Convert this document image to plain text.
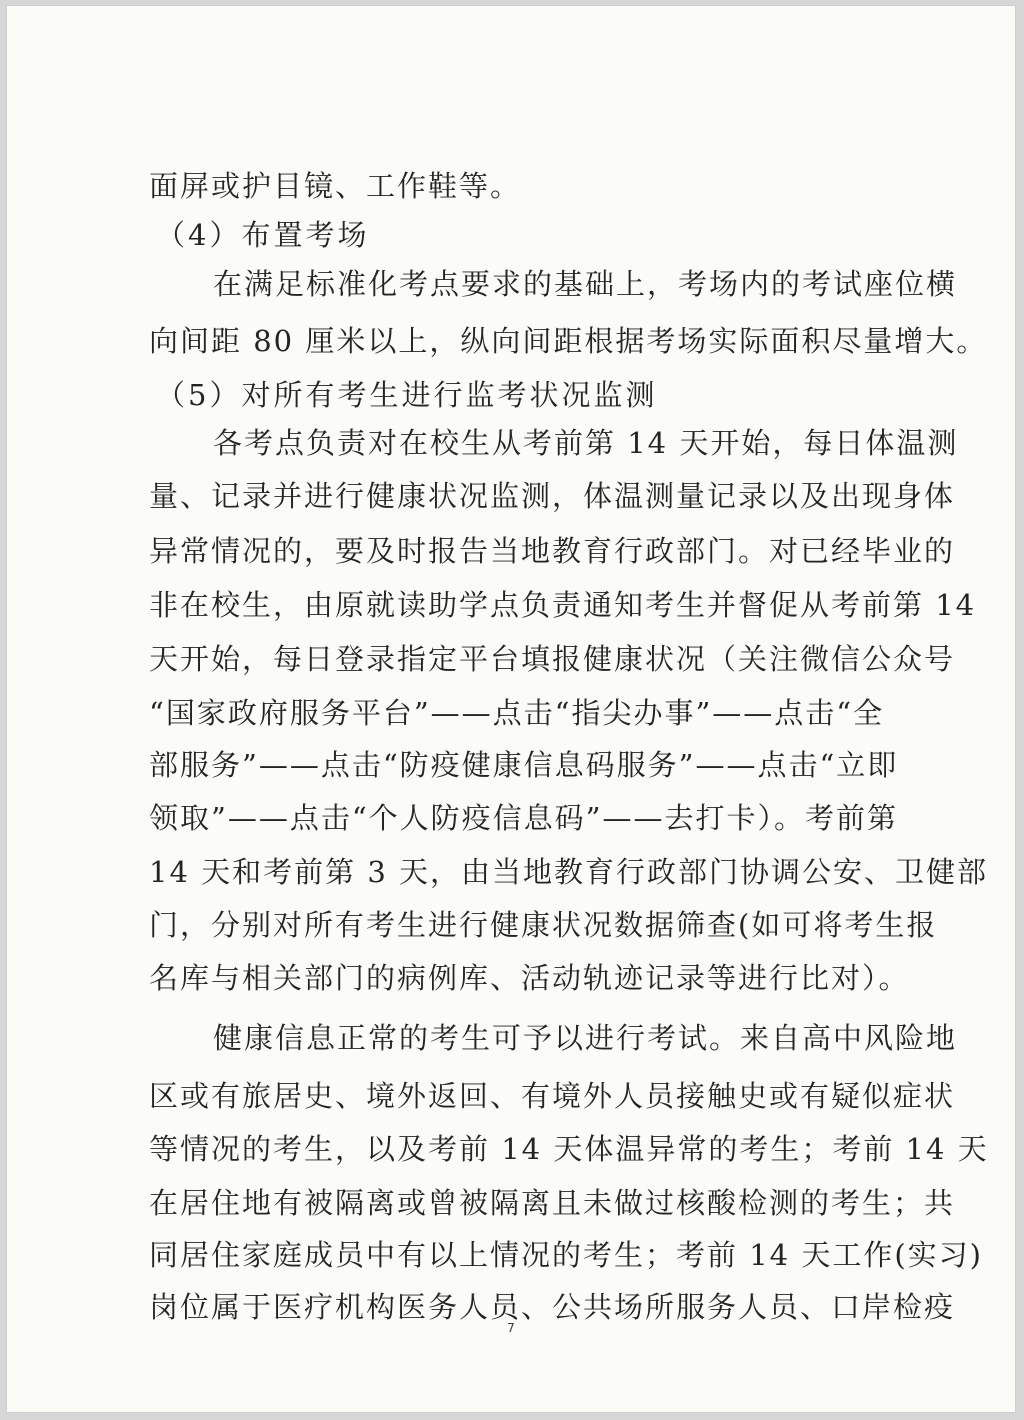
面屏或护目镜、工作鞋等。
（4）布置考场
在满足标准化考点要求的基础上，考场内的考试座位横
向间距 80 厘米以上，纵向间距根据考场实际面积尽量增大。
（5）对所有考生进行监考状况监测
各考点负责对在校生从考前第 14 天开始，每日体温测
量、记录并进行健康状况监测，体温测量记录以及出现身体
异常情况的，要及时报告当地教育行政部门。对已经毕业的
非在校生，由原就读助学点负责通知考生并督促从考前第 14
天开始，每日登录指定平台填报健康状况（关注微信公众号
“国家政府服务平台”——点击“指尖办事”——点击“全
部服务”——点击“防疫健康信息码服务”——点击“立即
领取”——点击“个人防疫信息码”——去打卡）。考前第
14 天和考前第 3 天，由当地教育行政部门协调公安、卫健部
门，分别对所有考生进行健康状况数据筛查(如可将考生报
名库与相关部门的病例库、活动轨迹记录等进行比对）。
健康信息正常的考生可予以进行考试。来自高中风险地
区或有旅居史、境外返回、有境外人员接触史或有疑似症状
等情况的考生，以及考前 14 天体温异常的考生；考前 14 天
在居住地有被隔离或曾被隔离且未做过核酸检测的考生；共
同居住家庭成员中有以上情况的考生；考前 14 天工作(实习)
岗位属于医疗机构医务人员、公共场所服务人员、口岸检疫
7
